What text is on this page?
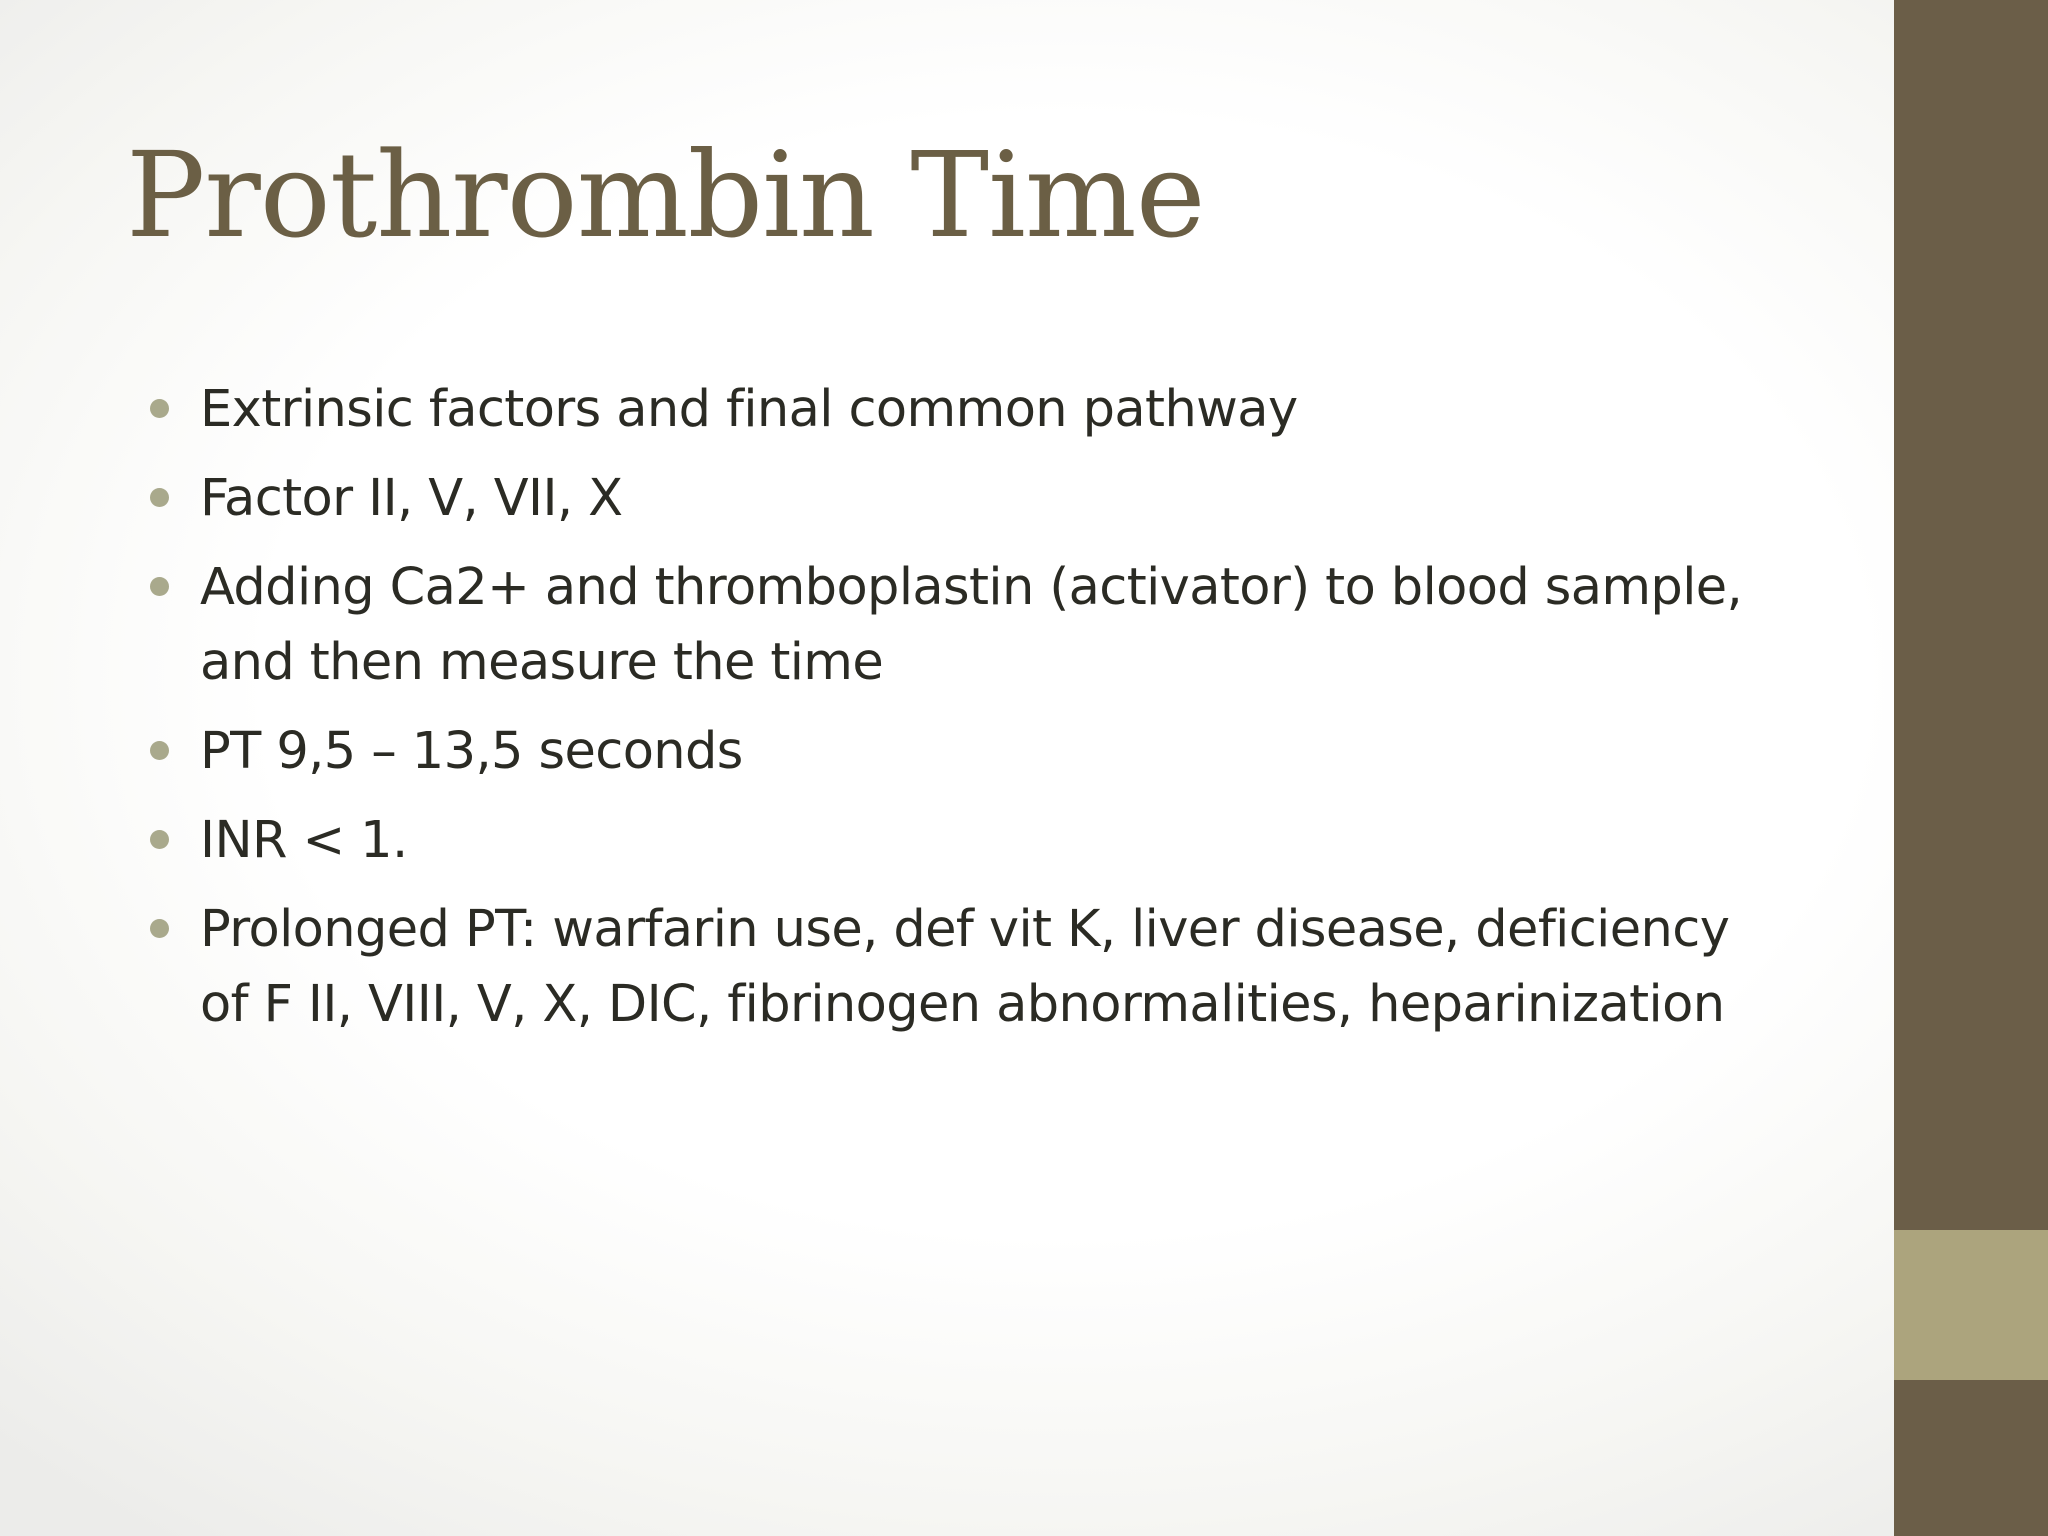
Prothrombin Time
Extrinsic factors and final common pathway
Factor II, V, VII, X
Adding Ca2+ and thromboplastin (activator) to blood sample,
and then measure the time
PT 9,5 – 13,5 seconds
INR < 1.
Prolonged PT: warfarin use, def vit K, liver disease, deficiency
of F II, VIII, V, X, DIC, fibrinogen abnormalities, heparinization
